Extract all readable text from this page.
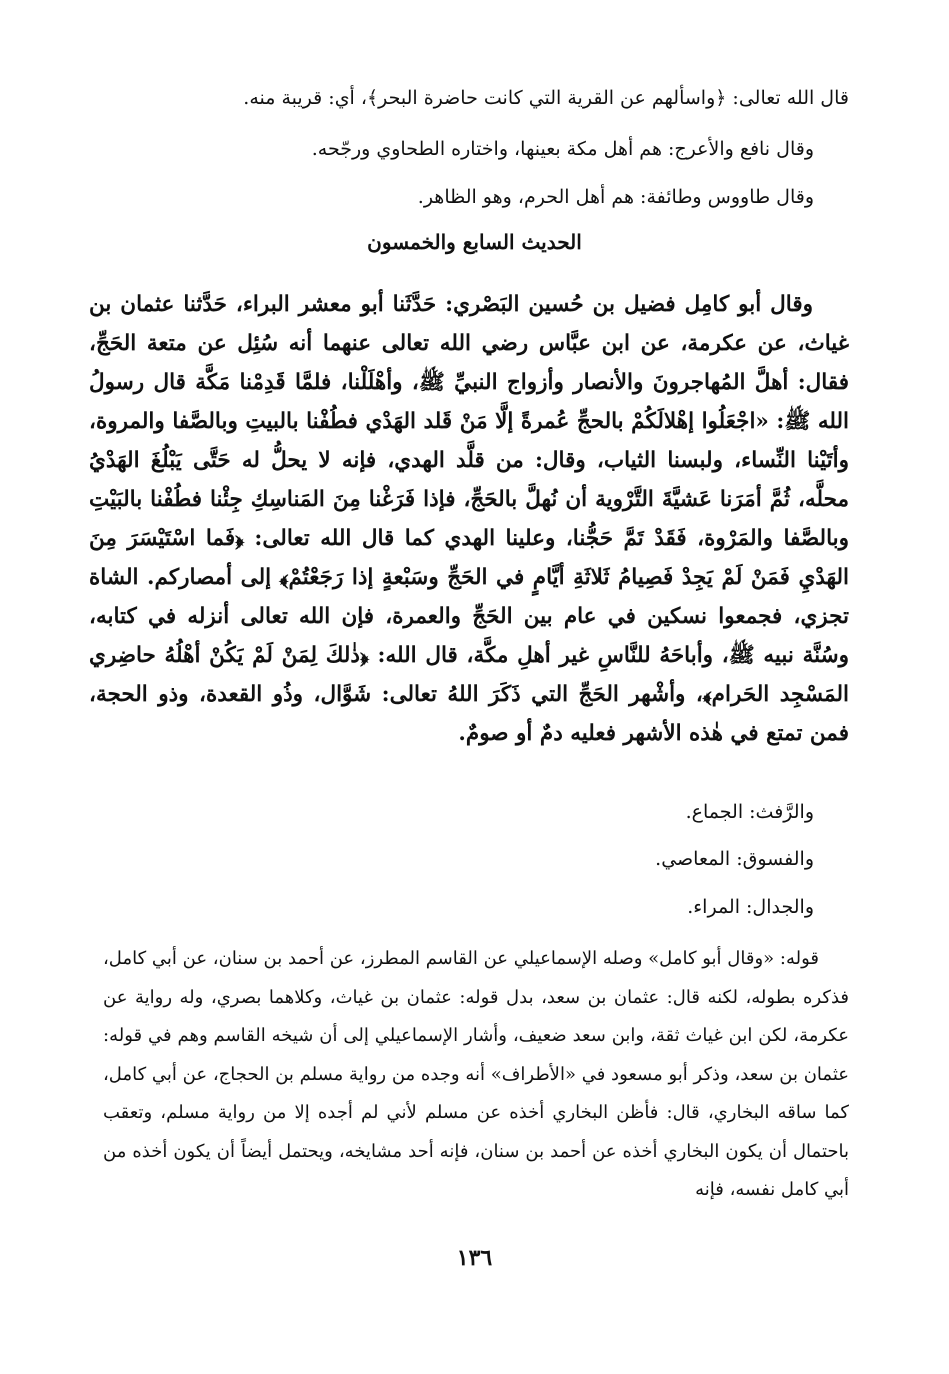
قال الله تعالى: ﴿واسألهم عن القرية التي كانت حاضرة البحر﴾، أي: قريبة منه.
وقال نافع والأعرج: هم أهل مكة بعينها، واختاره الطحاوي ورجّحه.
وقال طاووس وطائفة: هم أهل الحرم، وهو الظاهر.
الحديث السابع والخمسون

وقال أبو كامِل فضيل بن حُسين البَصْري: حَدَّثَنا أبو معشر البراء، حَدَّثنا عثمان بن غياث، عن عكرمة، عن ابن عبَّاس رضي الله تعالى عنهما أنه سُئِل عن متعة الحَجِّ، فقال: أهلَّ المُهاجرونَ والأنصار وأزواج النبيِّ ﷺ، وأهْلَلْنا، فلمَّا قَدِمْنا مَكَّة قال رسولُ الله ﷺ: «اجْعَلُوا إهْلالَكُمْ بالحجِّ عُمرةً إلَّا مَنْ قَلد الهَدْي فطُفْنا بالبيتِ وبالصَّفا والمروة، وأتَيْنا النِّساء، ولبسنا الثياب، وقال: من قلَّد الهدي، فإنه لا يحلُّ له حَتَّى يَبْلُغَ الهَدْيُ محلَّه، ثُمَّ أمَرَنا عَشيَّةَ التَّرْوية أن نُهلَّ بالحَجِّ، فإذا فَرَغْنا مِنَ المَناسِكِ جِئْنا فطُفْنا بالبَيْتِ وبالصَّفا والمَرْوة، فَقَدْ تَمَّ حَجُّنا، وعلينا الهدي كما قال الله تعالى: ﴿فَما اسْتَيْسَرَ مِنَ الهَدْيِ فَمَنْ لَمْ يَجِدْ فَصِيامُ ثَلاثَةِ أيَّامٍ في الحَجِّ وسَبْعةٍ إذا رَجَعْتُمْ﴾ إلى أمصاركم. الشاة تجزي، فجمعوا نسكين في عام بين الحَجِّ والعمرة، فإن الله تعالى أنزله في كتابه، وسُنَّة نبيه ﷺ، وأباحَهُ للنَّاسِ غير أهلِ مكَّة، قال الله: ﴿ذٰلكَ لِمَنْ لَمْ يَكُنْ أهْلُهُ حاضِري المَسْجِد الحَرام﴾، وأشْهر الحَجِّ التي ذَكَرَ اللهُ تعالى: شَوَّال، وذُو القعدة، وذو الحجة، فمن تمتع في هٰذه الأشهر فعليه دمٌ أو صومٌ.

والرَّفث: الجماع.
والفسوق: المعاصي.
والجدال: المراء.

قوله: «وقال أبو كامل» وصله الإسماعيلي عن القاسم المطرز، عن أحمد بن سنان، عن أبي كامل، فذكره بطوله، لكنه قال: عثمان بن سعد، بدل قوله: عثمان بن غياث، وكلاهما بصري، وله رواية عن عكرمة، لكن ابن غياث ثقة، وابن سعد ضعيف، وأشار الإسماعيلي إلى أن شيخه القاسم وهم في قوله: عثمان بن سعد، وذكر أبو مسعود في «الأطراف» أنه وجده من رواية مسلم بن الحجاج، عن أبي كامل، كما ساقه البخاري، قال: فأظن البخاري أخذه عن مسلم لأني لم أجده إلا من رواية مسلم، وتعقب باحتمال أن يكون البخاري أخذه عن أحمد بن سنان، فإنه أحد مشايخه، ويحتمل أيضاً أن يكون أخذه من أبي كامل نفسه، فإنه

١٣٦
